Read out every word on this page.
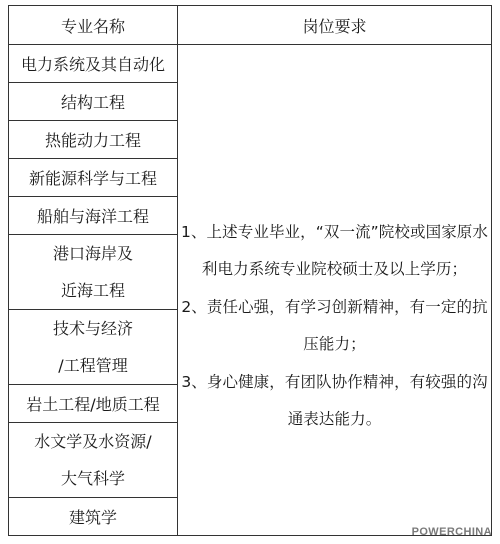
专业名称	岗位要求

电力系统及其自动化	1、上述专业毕业，“双一流”院校或国家原水利电力系统专业院校硕士及以上学历；
2、责任心强，有学习创新精神，有一定的抗压能力；
3、身心健康，有团队协作精神，有较强的沟通表达能力。

结构工程	

热能动力工程	

新能源科学与工程	

船舶与海洋工程	

港口海岸及
近海工程	

技术与经济
/工程管理	

岩土工程/地质工程	

水文学及水资源/
大气科学	

建筑学	
POWERCHINA
